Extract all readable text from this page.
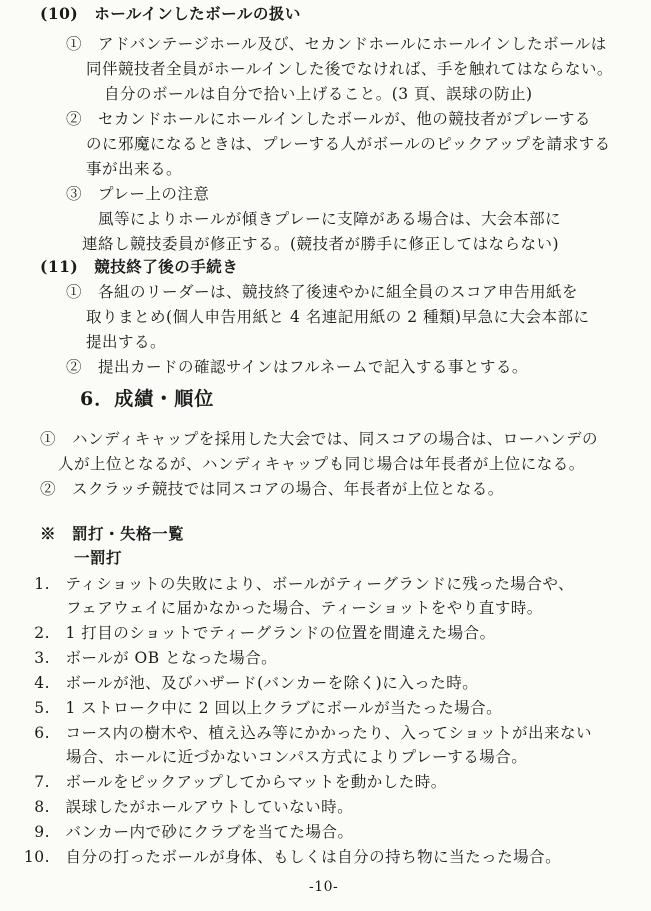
(10)　ホールインしたボールの扱い
①　アドバンテージホール及び、セカンドホールにホールインしたボールは
同伴競技者全員がホールインした後でなければ、手を触れてはならない。
自分のボールは自分で拾い上げること。(3 頁、誤球の防止)
②　セカンドホールにホールインしたボールが、他の競技者がプレーする
のに邪魔になるときは、プレーする人がボールのピックアップを請求する
事が出来る。
③　プレー上の注意
風等によりホールが傾きプレーに支障がある場合は、大会本部に
連絡し競技委員が修正する。(競技者が勝手に修正してはならない)
(11)　競技終了後の手続き
①　各組のリーダーは、競技終了後速やかに組全員のスコア申告用紙を
取りまとめ(個人申告用紙と 4 名連記用紙の 2 種類)早急に大会本部に
提出する。
②　提出カードの確認サインはフルネームで記入する事とする。
6．成績・順位
①　ハンディキャップを採用した大会では、同スコアの場合は、ローハンデの
人が上位となるが、ハンディキャップも同じ場合は年長者が上位になる。
②　スクラッチ競技では同スコアの場合、年長者が上位となる。
※　罰打・失格一覧
一罰打
1. ティショットの失敗により、ボールがティーグランドに残った場合や、
フェアウェイに届かなかった場合、ティーショットをやり直す時。
2. 1 打目のショットでティーグランドの位置を間違えた場合。
3. ボールが OB となった場合。
4. ボールが池、及びハザード(バンカーを除く)に入った時。
5. 1 ストローク中に 2 回以上クラブにボールが当たった場合。
6. コース内の樹木や、植え込み等にかかったり、入ってショットが出来ない
場合、ホールに近づかないコンパス方式によりプレーする場合。
7. ボールをピックアップしてからマットを動かした時。
8. 誤球したがホールアウトしていない時。
9. バンカー内で砂にクラブを当てた場合。
10. 自分の打ったボールが身体、もしくは自分の持ち物に当たった場合。
-10-
